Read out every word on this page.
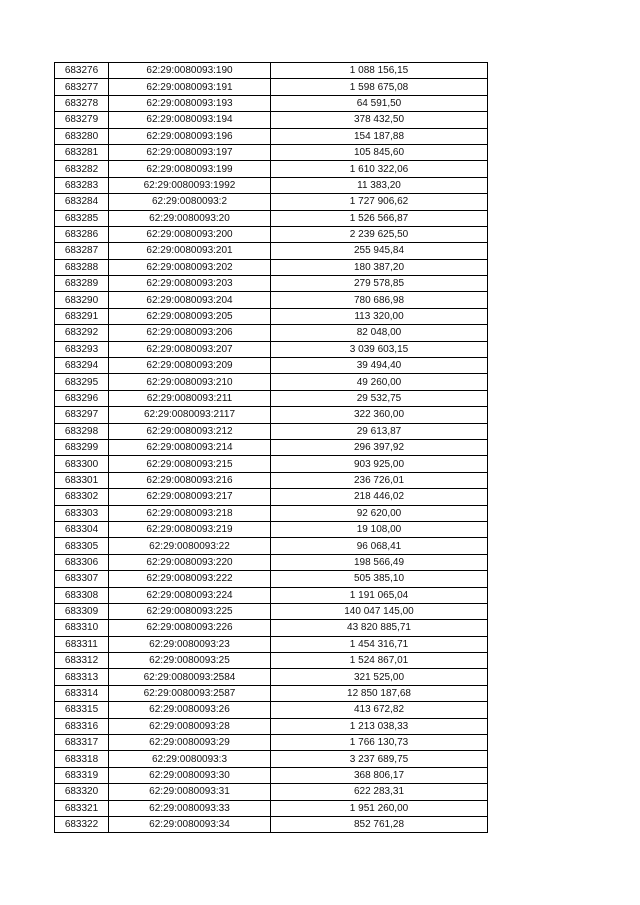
683276	62:29:0080093:190	1 088 156,15
683277	62:29:0080093:191	1 598 675,08
683278	62:29:0080093:193	64 591,50
683279	62:29:0080093:194	378 432,50
683280	62:29:0080093:196	154 187,88
683281	62:29:0080093:197	105 845,60
683282	62:29:0080093:199	1 610 322,06
683283	62:29:0080093:1992	11 383,20
683284	62:29:0080093:2	1 727 906,62
683285	62:29:0080093:20	1 526 566,87
683286	62:29:0080093:200	2 239 625,50
683287	62:29:0080093:201	255 945,84
683288	62:29:0080093:202	180 387,20
683289	62:29:0080093:203	279 578,85
683290	62:29:0080093:204	780 686,98
683291	62:29:0080093:205	113 320,00
683292	62:29:0080093:206	82 048,00
683293	62:29:0080093:207	3 039 603,15
683294	62:29:0080093:209	39 494,40
683295	62:29:0080093:210	49 260,00
683296	62:29:0080093:211	29 532,75
683297	62:29:0080093:2117	322 360,00
683298	62:29:0080093:212	29 613,87
683299	62:29:0080093:214	296 397,92
683300	62:29:0080093:215	903 925,00
683301	62:29:0080093:216	236 726,01
683302	62:29:0080093:217	218 446,02
683303	62:29:0080093:218	92 620,00
683304	62:29:0080093:219	19 108,00
683305	62:29:0080093:22	96 068,41
683306	62:29:0080093:220	198 566,49
683307	62:29:0080093:222	505 385,10
683308	62:29:0080093:224	1 191 065,04
683309	62:29:0080093:225	140 047 145,00
683310	62:29:0080093:226	43 820 885,71
683311	62:29:0080093:23	1 454 316,71
683312	62:29:0080093:25	1 524 867,01
683313	62:29:0080093:2584	321 525,00
683314	62:29:0080093:2587	12 850 187,68
683315	62:29:0080093:26	413 672,82
683316	62:29:0080093:28	1 213 038,33
683317	62:29:0080093:29	1 766 130,73
683318	62:29:0080093:3	3 237 689,75
683319	62:29:0080093:30	368 806,17
683320	62:29:0080093:31	622 283,31
683321	62:29:0080093:33	1 951 260,00
683322	62:29:0080093:34	852 761,28
